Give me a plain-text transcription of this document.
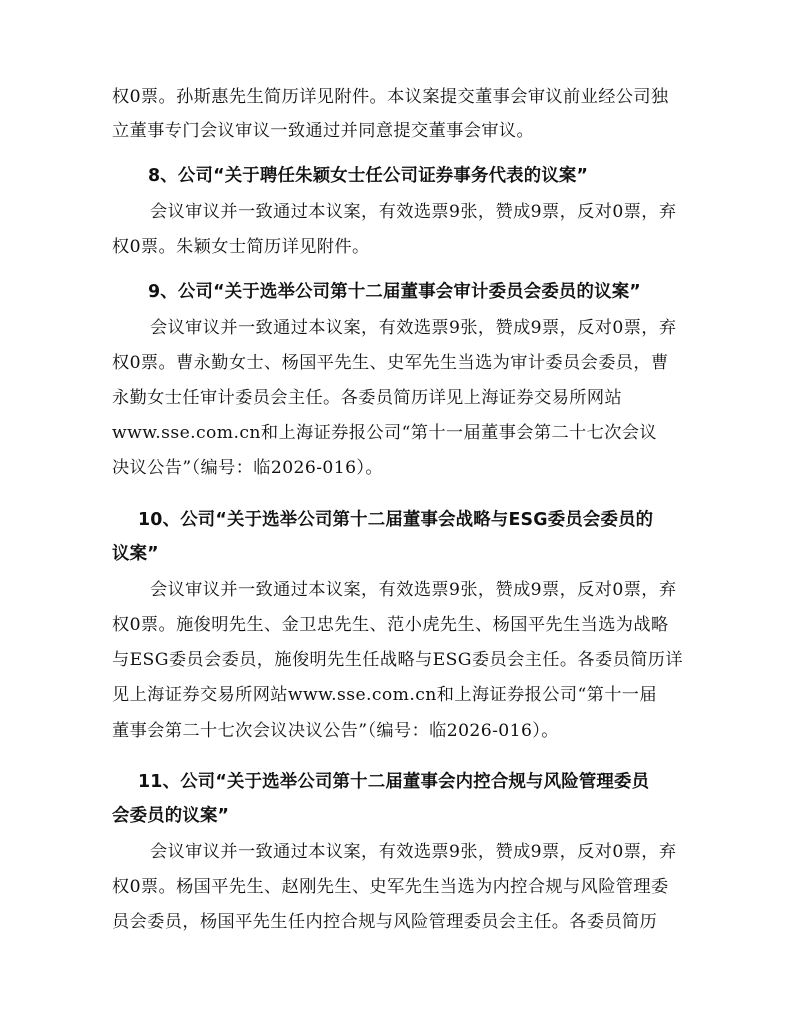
权0票。孙斯惠先生简历详见附件。本议案提交董事会审议前业经公司独
立董事专门会议审议一致通过并同意提交董事会审议。
8、公司“关于聘任朱颖女士任公司证券事务代表的议案”
会议审议并一致通过本议案，有效选票9张，赞成9票，反对0票，弃
权0票。朱颖女士简历详见附件。
9、公司“关于选举公司第十二届董事会审计委员会委员的议案”
会议审议并一致通过本议案，有效选票9张，赞成9票，反对0票，弃
权0票。曹永勤女士、杨国平先生、史军先生当选为审计委员会委员，曹
永勤女士任审计委员会主任。各委员简历详见上海证券交易所网站
www.sse.com.cn和上海证券报公司“第十一届董事会第二十七次会议
决议公告”（编号：临2026-016）。
10、公司“关于选举公司第十二届董事会战略与ESG委员会委员的
议案”
会议审议并一致通过本议案，有效选票9张，赞成9票，反对0票，弃
权0票。施俊明先生、金卫忠先生、范小虎先生、杨国平先生当选为战略
与ESG委员会委员，施俊明先生任战略与ESG委员会主任。各委员简历详
见上海证券交易所网站www.sse.com.cn和上海证券报公司“第十一届
董事会第二十七次会议决议公告”（编号：临2026-016）。
11、公司“关于选举公司第十二届董事会内控合规与风险管理委员
会委员的议案”
会议审议并一致通过本议案，有效选票9张，赞成9票，反对0票，弃
权0票。杨国平先生、赵刚先生、史军先生当选为内控合规与风险管理委
员会委员，杨国平先生任内控合规与风险管理委员会主任。各委员简历
